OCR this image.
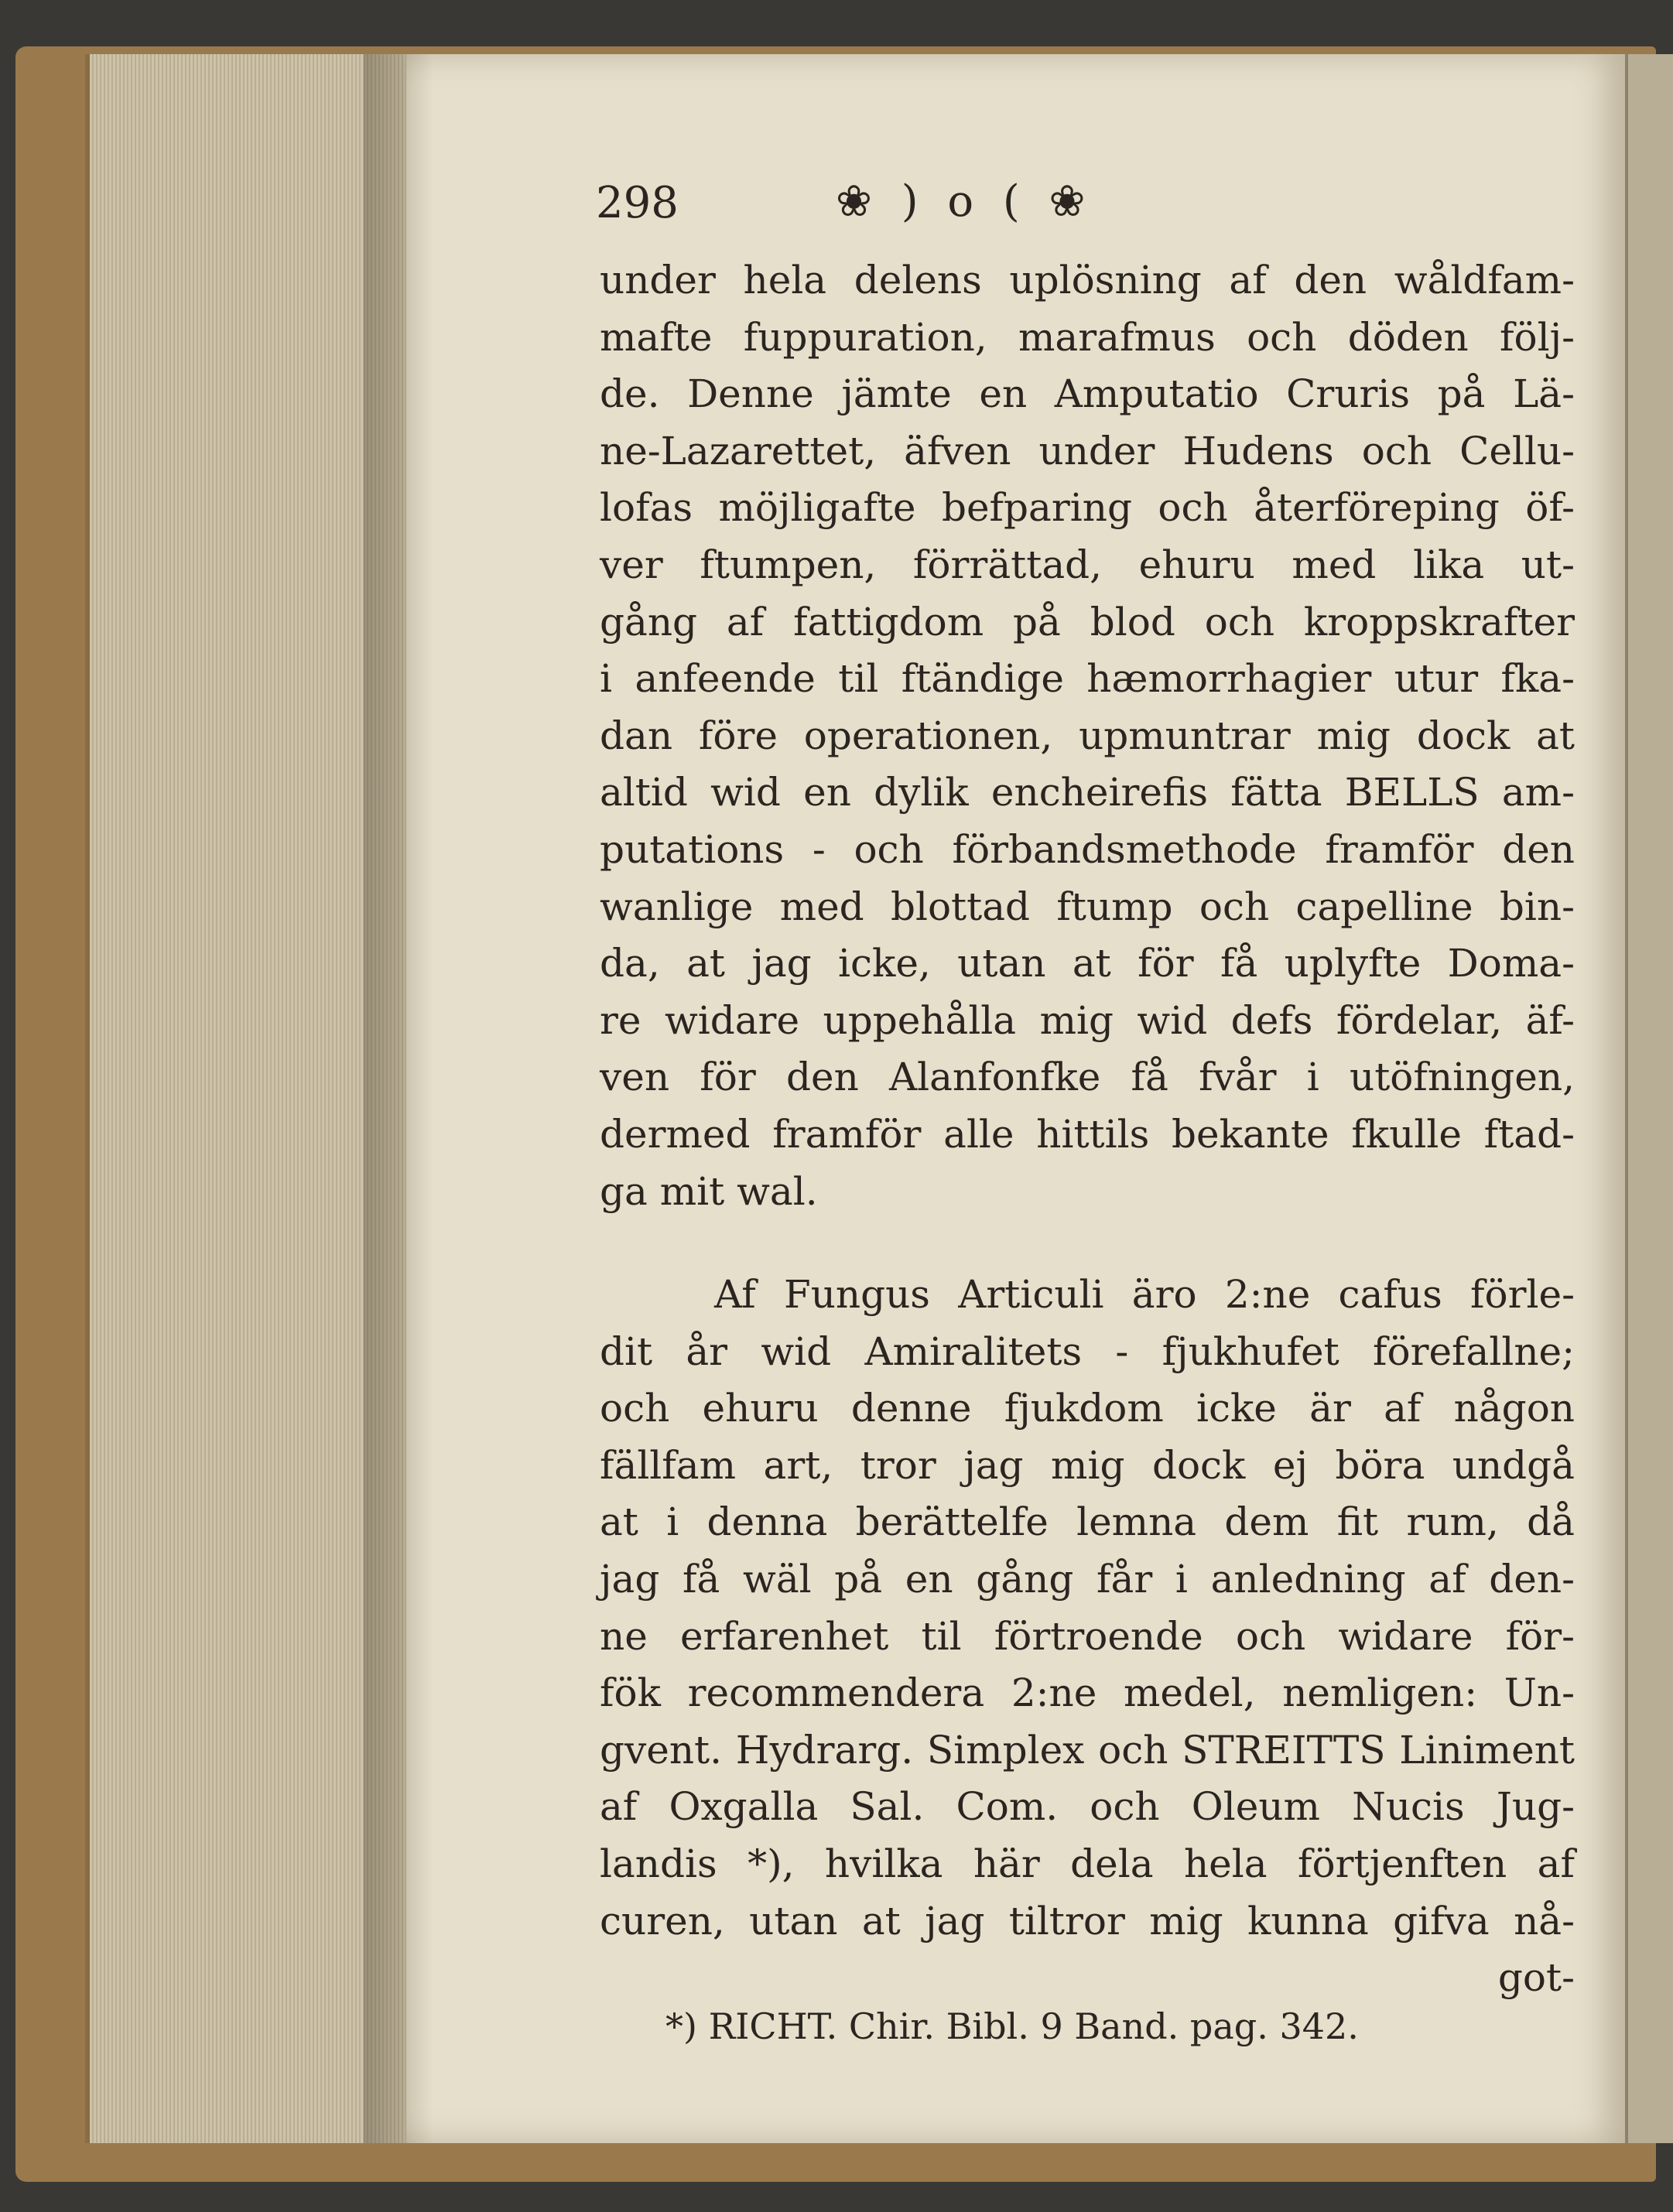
298	❀ ) o ( ❀
under hela delens uplösning af den wåldfam-
mafte fuppuration, marafmus och döden följ-
de. Denne jämte en Amputatio Cruris på Lä-
ne-Lazarettet, äfven under Hudens och Cellu-
lofas möjligafte befparing och återföreping öf-
ver ftumpen, förrättad, ehuru med lika ut-
gång af fattigdom på blod och kroppskrafter
i anfeende til ftändige hæmorrhagier utur fka-
dan före operationen, upmuntrar mig dock at
altid wid en dylik encheirefis fätta BELLS am-
putations - och förbandsmethode framför den
wanlige med blottad ftump och capelline bin-
da, at jag icke, utan at för få uplyfte Doma-
re widare uppehålla mig wid defs fördelar, äf-
ven för den Alanfonfke få fvår i utöfningen,
dermed framför alle hittils bekante fkulle ftad-
ga mit wal.
Af Fungus Articuli äro 2:ne cafus förle-
dit år wid Amiralitets - fjukhufet förefallne;
och ehuru denne fjukdom icke är af någon
fällfam art, tror jag mig dock ej böra undgå
at i denna berättelfe lemna dem fit rum, då
jag få wäl på en gång får i anledning af den-
ne erfarenhet til förtroende och widare för-
fök recommendera 2:ne medel, nemligen: Un-
gvent. Hydrarg. Simplex och STREITTS Liniment
af Oxgalla Sal. Com. och Oleum Nucis Jug-
landis *), hvilka här dela hela förtjenften af
curen, utan at jag tiltror mig kunna gifva nå-
got-
*) RICHT. Chir. Bibl. 9 Band. pag. 342.
